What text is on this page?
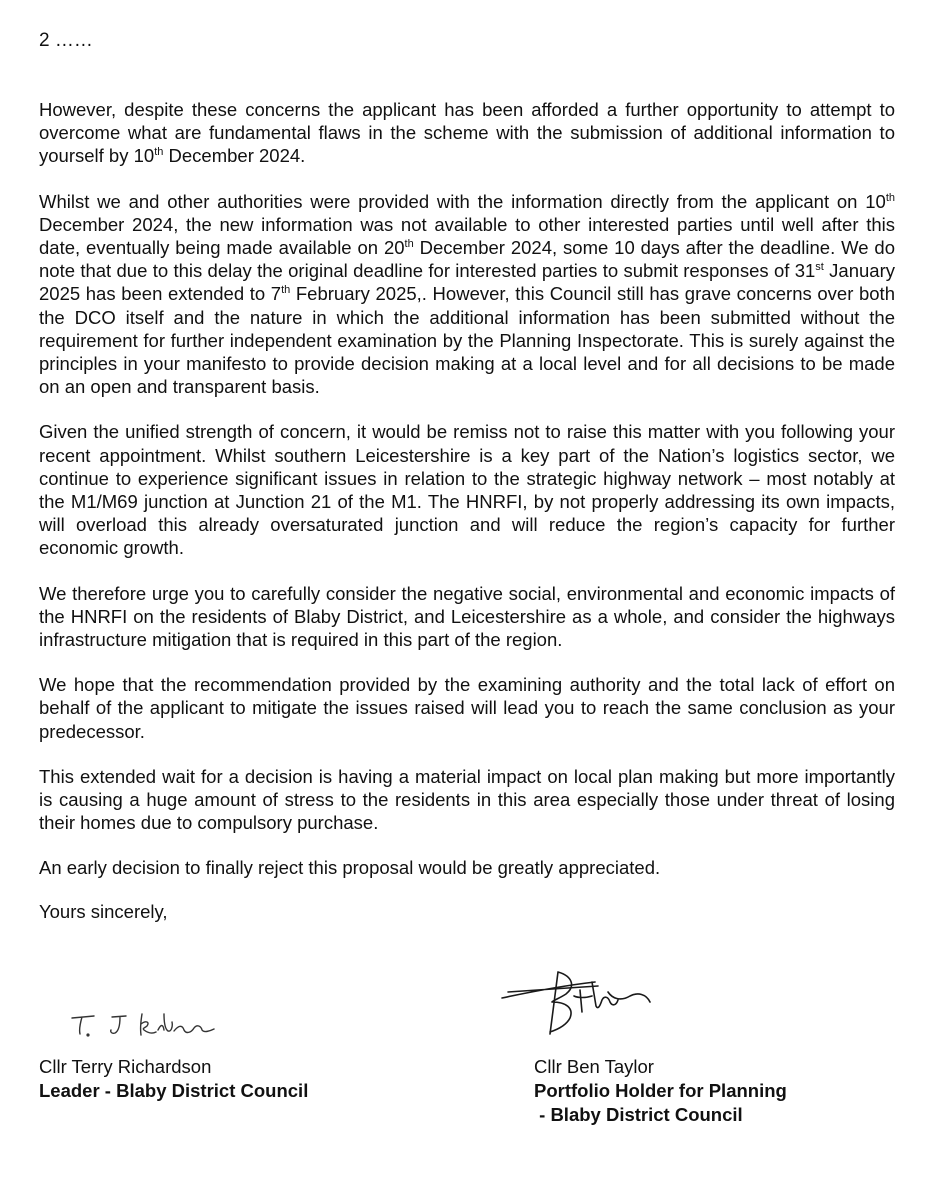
2 ……

However, despite these concerns the applicant has been afforded a further opportunity to attempt to overcome what are fundamental flaws in the scheme with the submission of additional information to yourself by 10th December 2024.

Whilst we and other authorities were provided with the information directly from the applicant on 10th December 2024, the new information was not available to other interested parties until well after this date, eventually being made available on 20th December 2024, some 10 days after the deadline. We do note that due to this delay the original deadline for interested parties to submit responses of 31st January 2025 has been extended to 7th February 2025,. However, this Council still has grave concerns over both the DCO itself and the nature in which the additional information has been submitted without the requirement for further independent examination by the Planning Inspectorate. This is surely against the principles in your manifesto to provide decision making at a local level and for all decisions to be made on an open and transparent basis.

Given the unified strength of concern, it would be remiss not to raise this matter with you following your recent appointment. Whilst southern Leicestershire is a key part of the Nation’s logistics sector, we continue to experience significant issues in relation to the strategic highway network – most notably at the M1/M69 junction at Junction 21 of the M1. The HNRFI, by not properly addressing its own impacts, will overload this already oversaturated junction and will reduce the region’s capacity for further economic growth.

We therefore urge you to carefully consider the negative social, environmental and economic impacts of the HNRFI on the residents of Blaby District, and Leicestershire as a whole, and consider the highways infrastructure mitigation that is required in this part of the region.

We hope that the recommendation provided by the examining authority and the total lack of effort on behalf of the applicant to mitigate the issues raised will lead you to reach the same conclusion as your predecessor.

This extended wait for a decision is having a material impact on local plan making but more importantly is causing a huge amount of stress to the residents in this area especially those under threat of losing their homes due to compulsory purchase.

An early decision to finally reject this proposal would be greatly appreciated.

Yours sincerely,

Cllr Terry Richardson
Leader - Blaby District Council
Cllr Ben Taylor
Portfolio Holder for Planning
- Blaby District Council
